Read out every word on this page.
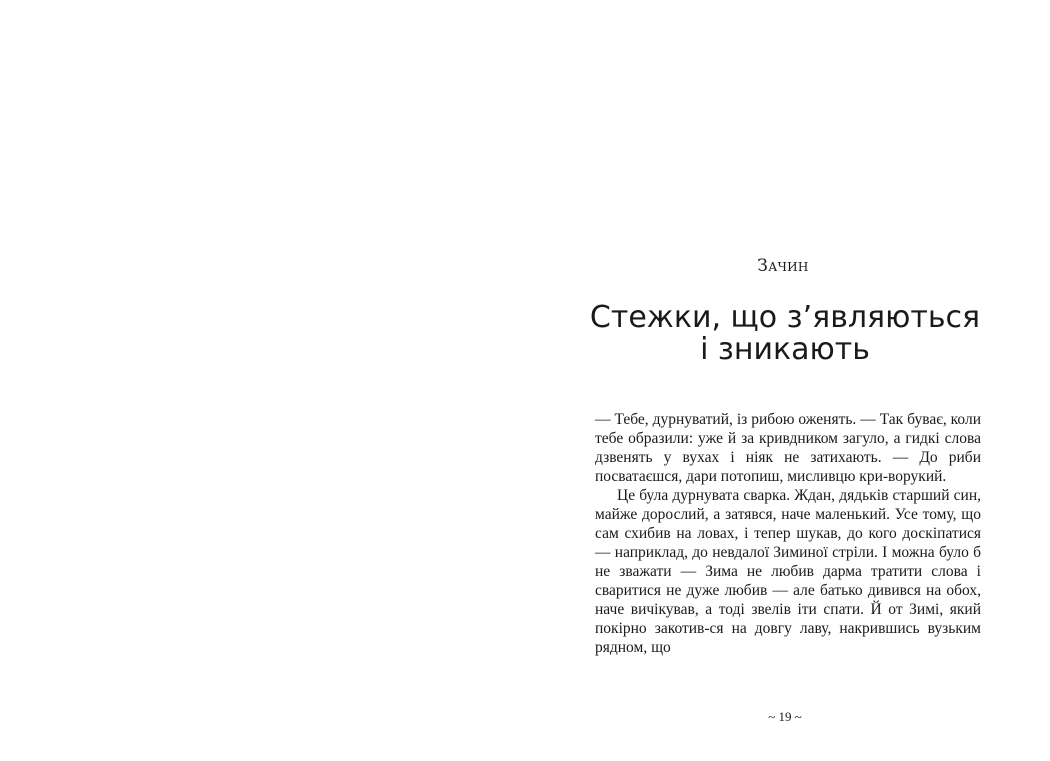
Зачин
Стежки, що з’являються
і зникають

— Тебе, дурнуватий, із рибою оженять. — Так буває, коли тебе образили: уже й за кривдником загуло, а гидкі слова дзвенять у вухах і ніяк не затихають. — До риби посватаєшся, дари потопиш, мисливцю кри-ворукий.

Це була дурнувата сварка. Ждан, дядьків старший син, майже дорослий, а затявся, наче маленький. Усе тому, що сам схибив на ловах, і тепер шукав, до кого доскіпатися — наприклад, до невдалої Зиминої стріли. І можна було б не зважати — Зима не любив дарма тратити слова і сваритися не дуже любив — але батько дивився на обох, наче вичікував, а тоді звелів іти спати. Й от Зимі, який покірно закотив-ся на довгу лаву, накрившись вузьким рядном, що

~ 19 ~
